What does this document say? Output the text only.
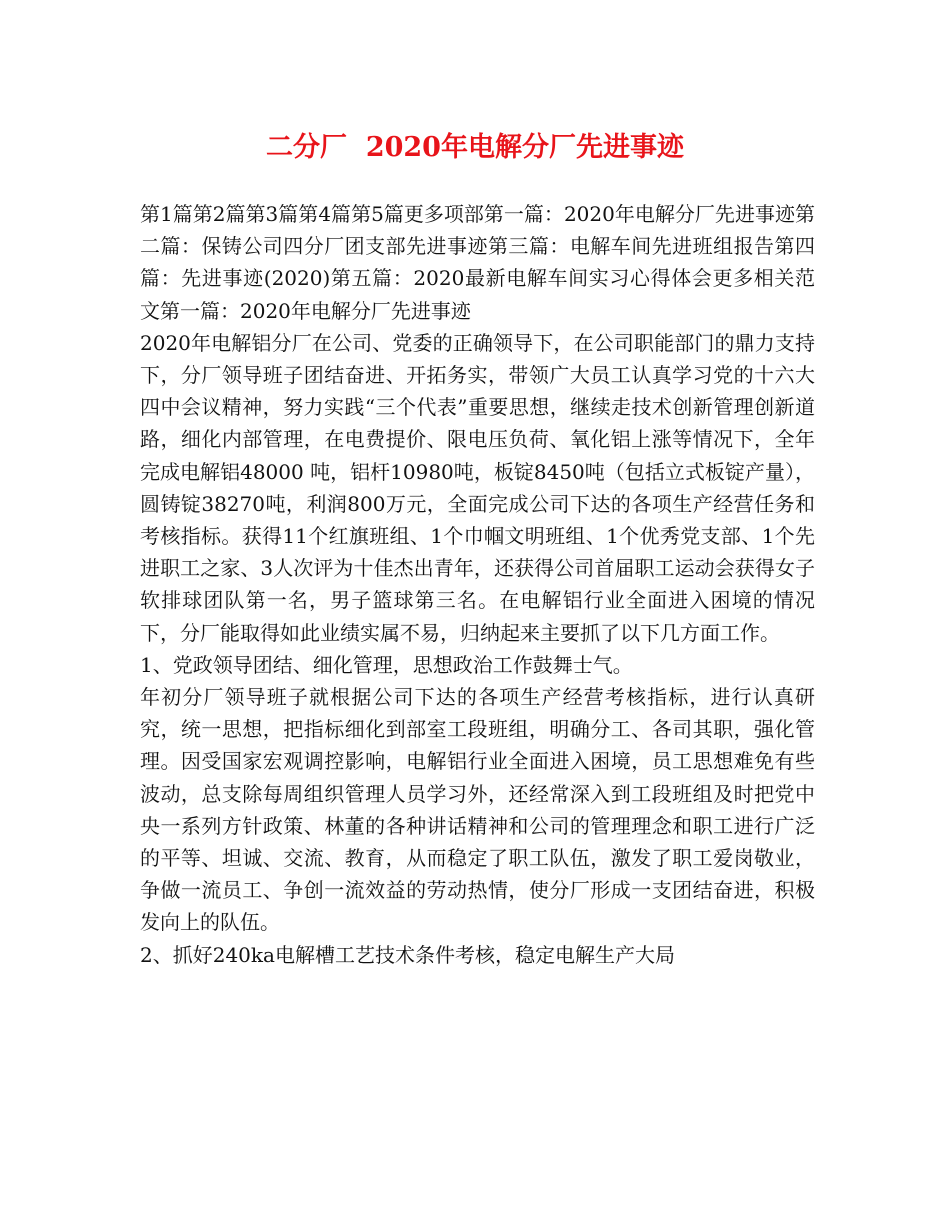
二分厂  2020年电解分厂先进事迹

第1篇第2篇第3篇第4篇第5篇更多项部第一篇：2020年电解分厂先进事迹第二篇：保铸公司四分厂团支部先进事迹第三篇：电解车间先进班组报告第四篇：先进事迹(2020)第五篇：2020最新电解车间实习心得体会更多相关范文第一篇：2020年电解分厂先进事迹

2020年电解铝分厂在公司、党委的正确领导下，在公司职能部门的鼎力支持下，分厂领导班子团结奋进、开拓务实，带领广大员工认真学习党的十六大四中会议精神，努力实践“三个代表”重要思想，继续走技术创新管理创新道路，细化内部管理，在电费提价、限电压负荷、氧化铝上涨等情况下，全年完成电解铝48000 吨，铝杆10980吨，板锭8450吨（包括立式板锭产量），圆铸锭38270吨，利润800万元，全面完成公司下达的各项生产经营任务和考核指标。获得11个红旗班组、1个巾帼文明班组、1个优秀党支部、1个先进职工之家、3人次评为十佳杰出青年，还获得公司首届职工运动会获得女子软排球团队第一名，男子篮球第三名。在电解铝行业全面进入困境的情况下，分厂能取得如此业绩实属不易，归纳起来主要抓了以下几方面工作。

1、党政领导团结、细化管理，思想政治工作鼓舞士气。

年初分厂领导班子就根据公司下达的各项生产经营考核指标，进行认真研究，统一思想，把指标细化到部室工段班组，明确分工、各司其职，强化管理。因受国家宏观调控影响，电解铝行业全面进入困境，员工思想难免有些波动，总支除每周组织管理人员学习外，还经常深入到工段班组及时把党中央一系列方针政策、林董的各种讲话精神和公司的管理理念和职工进行广泛的平等、坦诚、交流、教育，从而稳定了职工队伍，激发了职工爱岗敬业，争做一流员工、争创一流效益的劳动热情，使分厂形成一支团结奋进，积极发向上的队伍。

2、抓好240ka电解槽工艺技术条件考核，稳定电解生产大局
